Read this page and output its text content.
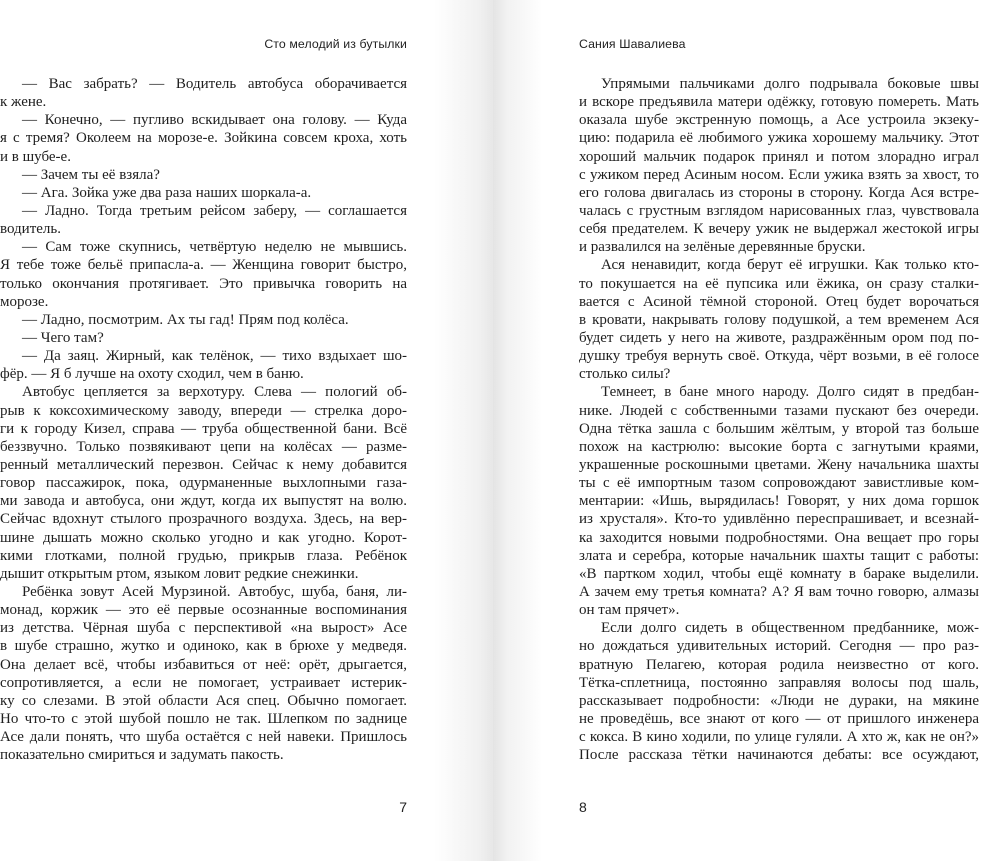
Сто мелодий из бутылки
— Вас забрать? — Водитель автобуса оборачивается
к жене.
— Конечно, — пугливо вскидывает она голову. — Куда
я с тремя? Околеем на морозе-е. Зойкина совсем кроха, хоть
и в шубе-е.
— Зачем ты её взяла?
— Ага. Зойка уже два раза наших шоркала-а.
— Ладно. Тогда третьим рейсом заберу, — соглашается
водитель.
— Сам тоже скупнись, четвёртую неделю не мывшись.
Я тебе тоже бельё припасла-а. — Женщина говорит быстро,
только окончания протягивает. Это привычка говорить на
морозе.
— Ладно, посмотрим. Ах ты гад! Прям под колёса.
— Чего там?
— Да заяц. Жирный, как телёнок, — тихо вздыхает шо-
фёр. — Я б лучше на охоту сходил, чем в баню.
Автобус цепляется за верхотуру. Слева — пологий об-
рыв к коксохимическому заводу, впереди — стрелка доро-
ги к городу Кизел, справа — труба общественной бани. Всё
беззвучно. Только позвякивают цепи на колёсах — разме-
ренный металлический перезвон. Сейчас к нему добавится
говор пассажирок, пока, одурманенные выхлопными газа-
ми завода и автобуса, они ждут, когда их выпустят на волю.
Сейчас вдохнут стылого прозрачного воздуха. Здесь, на вер-
шине дышать можно сколько угодно и как угодно. Корот-
кими глотками, полной грудью, прикрыв глаза. Ребёнок
дышит открытым ртом, языком ловит редкие снежинки.
Ребёнка зовут Асей Мурзиной. Автобус, шуба, баня, ли-
монад, коржик — это её первые осознанные воспоминания
из детства. Чёрная шуба с перспективой «на вырост» Асе
в шубе страшно, жутко и одиноко, как в брюхе у медведя.
Она делает всё, чтобы избавиться от неё: орёт, дрыгается,
сопротивляется, а если не помогает, устраивает истерик-
ку со слезами. В этой области Ася спец. Обычно помогает.
Но что-то с этой шубой пошло не так. Шлепком по заднице
Асе дали понять, что шуба остаётся с ней навеки. Пришлось
показательно смириться и задумать пакость.
7
Сания Шавалиева
Упрямыми пальчиками долго подрывала боковые швы
и вскоре предъявила матери одёжку, готовую помереть. Мать
оказала шубе экстренную помощь, а Асе устроила экзеку-
цию: подарила её любимого ужика хорошему мальчику. Этот
хороший мальчик подарок принял и потом злорадно играл
с ужиком перед Асиным носом. Если ужика взять за хвост, то
его голова двигалась из стороны в сторону. Когда Ася встре-
чалась с грустным взглядом нарисованных глаз, чувствовала
себя предателем. К вечеру ужик не выдержал жестокой игры
и развалился на зелёные деревянные бруски.
Ася ненавидит, когда берут её игрушки. Как только кто-
то покушается на её пупсика или ёжика, он сразу сталки-
вается с Асиной тёмной стороной. Отец будет ворочаться
в кровати, накрывать голову подушкой, а тем временем Ася
будет сидеть у него на животе, раздражённым ором под по-
душку требуя вернуть своё. Откуда, чёрт возьми, в её голосе
столько силы?
Темнеет, в бане много народу. Долго сидят в предбан-
нике. Людей с собственными тазами пускают без очереди.
Одна тётка зашла с большим жёлтым, у второй таз больше
похож на кастрюлю: высокие борта с загнутыми краями,
украшенные роскошными цветами. Жену начальника шахты
ты с её импортным тазом сопровождают завистливые ком-
ментарии: «Ишь, вырядилась! Говорят, у них дома горшок
из хрусталя». Кто-то удивлённо переспрашивает, и всезнай-
ка заходится новыми подробностями. Она вещает про горы
злата и серебра, которые начальник шахты тащит с работы:
«В партком ходил, чтобы ещё комнату в бараке выделили.
А зачем ему третья комната? А? Я вам точно говорю, алмазы
он там прячет».
Если долго сидеть в общественном предбаннике, мож-
но дождаться удивительных историй. Сегодня — про раз-
вратную Пелагею, которая родила неизвестно от кого.
Тётка-сплетница, постоянно заправляя волосы под шаль,
рассказывает подробности: «Люди не дураки, на мякине
не проведёшь, все знают от кого — от пришлого инженера
с кокса. В кино ходили, по улице гуляли. А хто ж, как не он?»
После рассказа тётки начинаются дебаты: все осуждают,
8
